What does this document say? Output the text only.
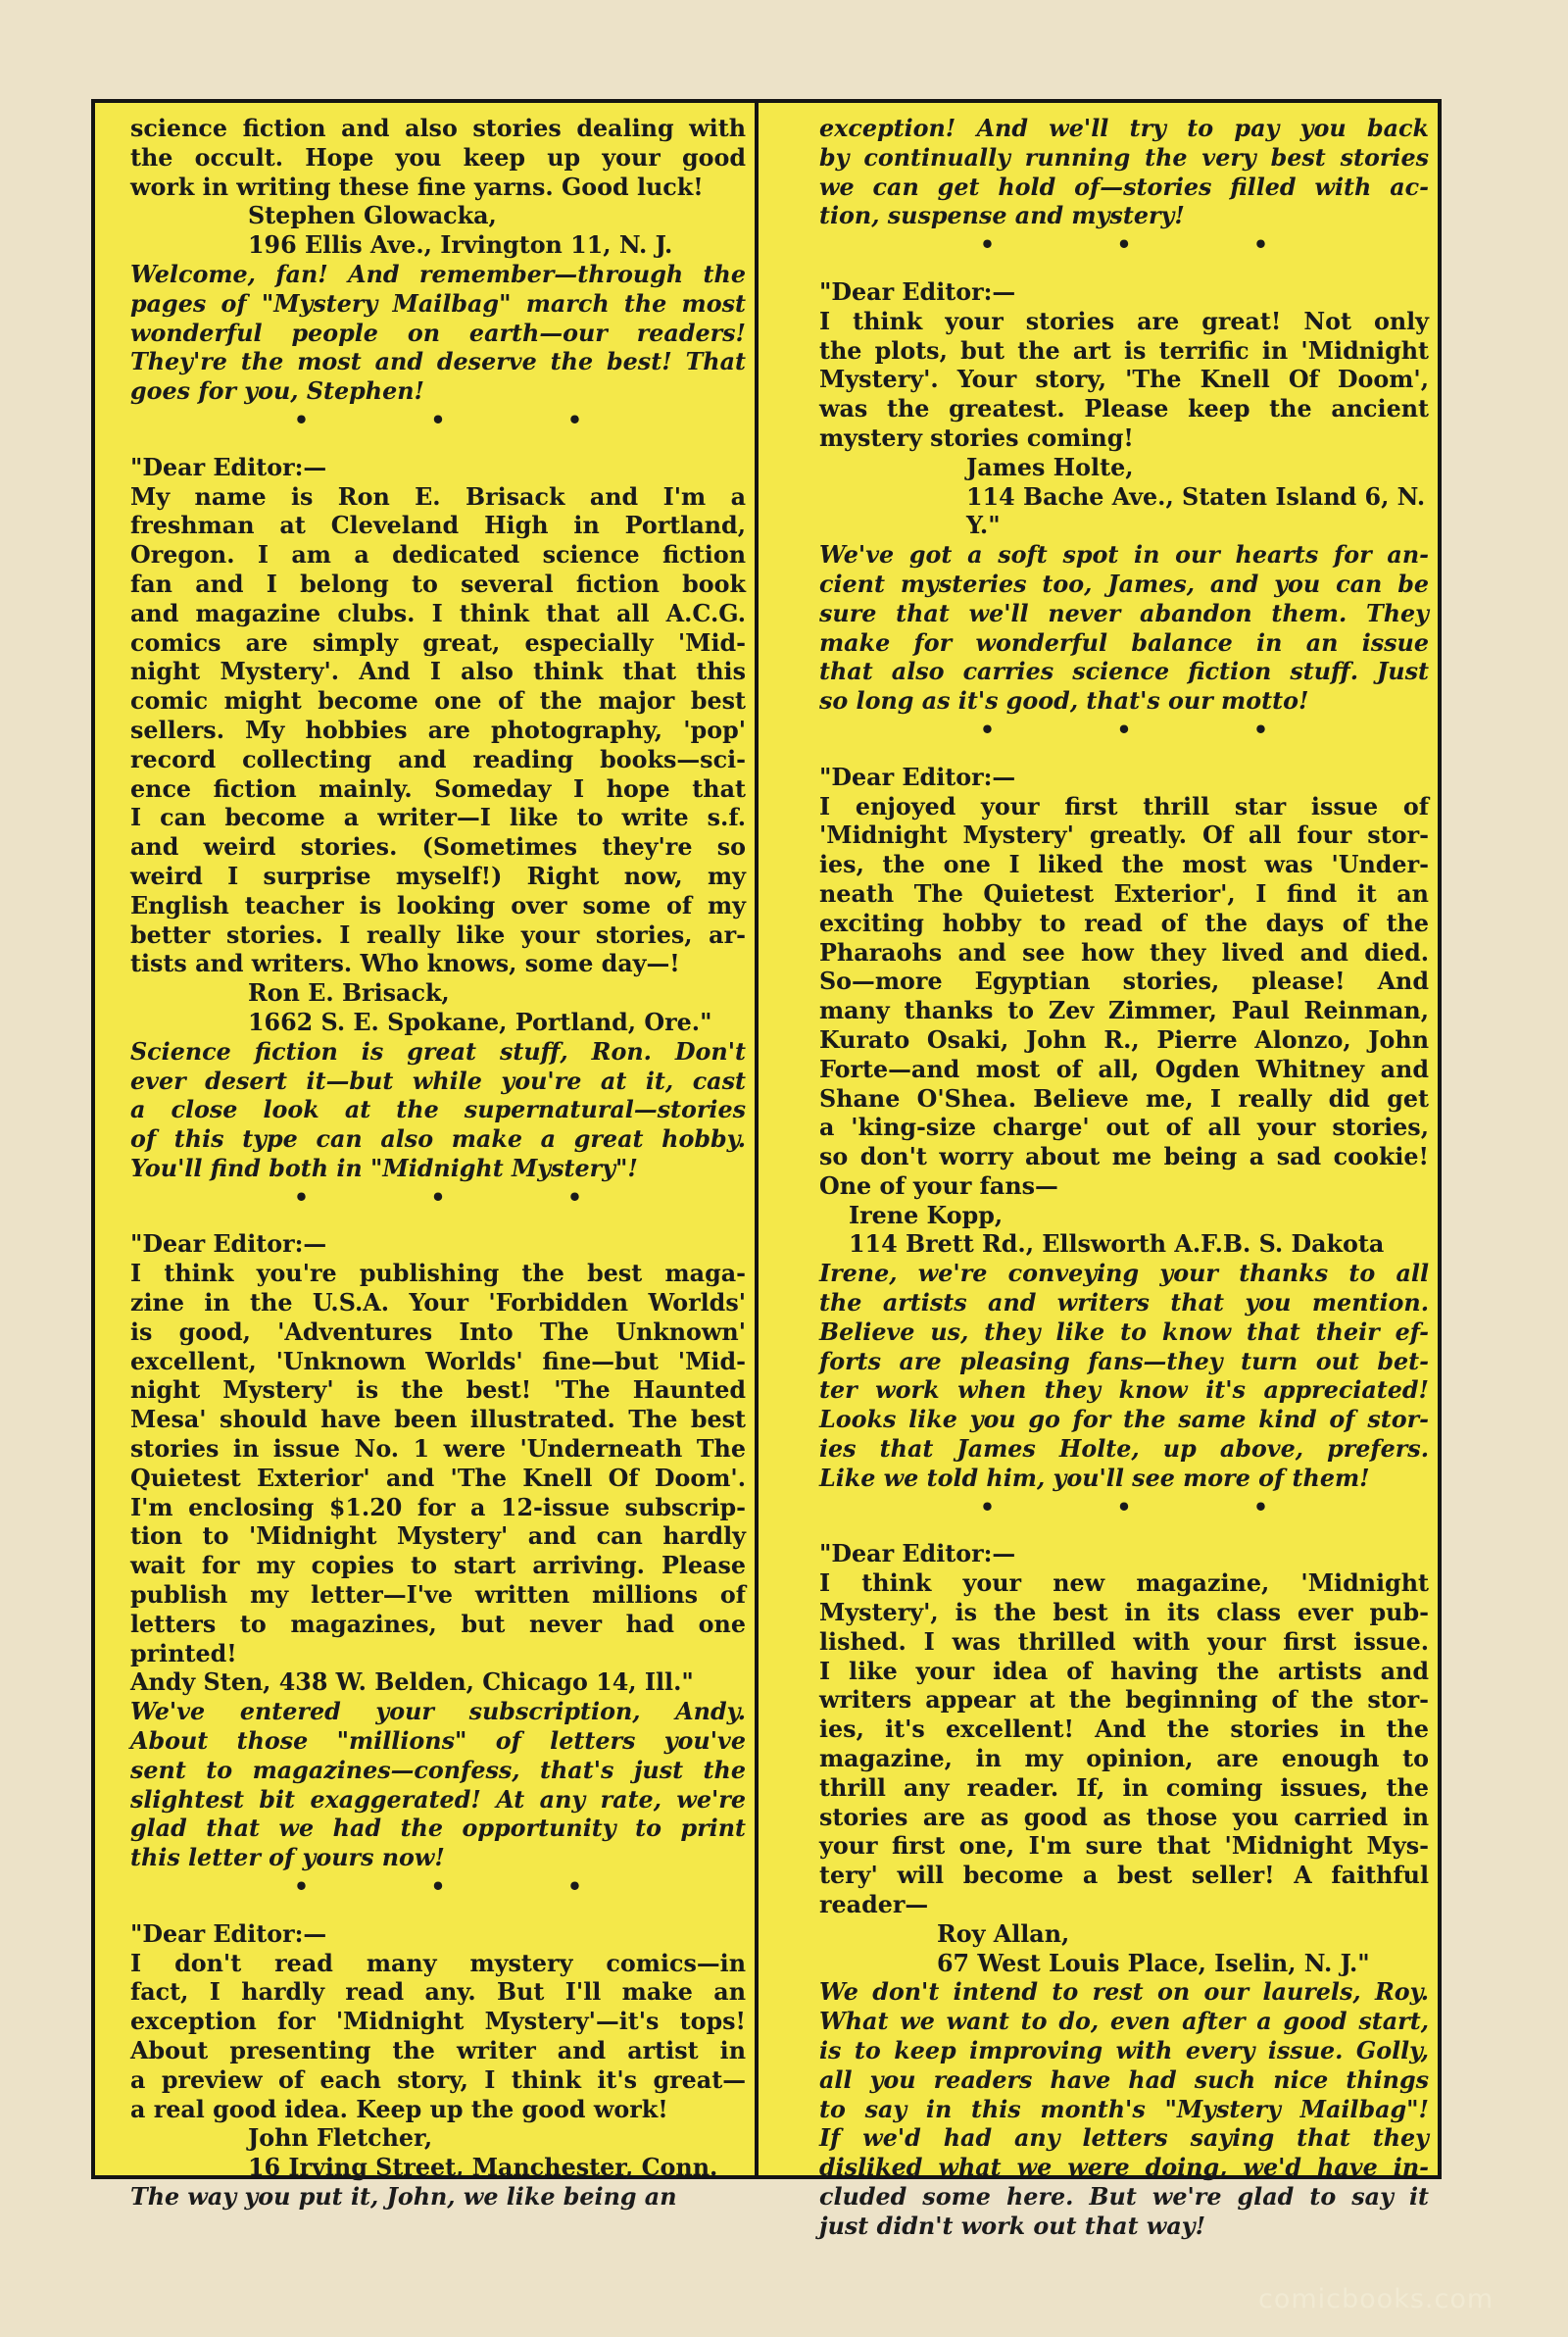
science fiction and also stories dealing with

the occult. Hope you keep up your good

work in writing these fine yarns. Good luck!

Stephen Glowacka,

196 Ellis Ave., Irvington 11, N. J.

Welcome, fan! And remember—through the

pages of "Mystery Mailbag" march the most

wonderful people on earth—our readers!

They're the most and deserve the best! That

goes for you, Stephen!

• • •

"Dear Editor:—

My name is Ron E. Brisack and I'm a

freshman at Cleveland High in Portland,

Oregon. I am a dedicated science fiction

fan and I belong to several fiction book

and magazine clubs. I think that all A.C.G.

comics are simply great, especially 'Mid-

night Mystery'. And I also think that this

comic might become one of the major best

sellers. My hobbies are photography, 'pop'

record collecting and reading books—sci-

ence fiction mainly. Someday I hope that

I can become a writer—I like to write s.f.

and weird stories. (Sometimes they're so

weird I surprise myself!) Right now, my

English teacher is looking over some of my

better stories. I really like your stories, ar-

tists and writers. Who knows, some day—!

Ron E. Brisack,

1662 S. E. Spokane, Portland, Ore."

Science fiction is great stuff, Ron. Don't

ever desert it—but while you're at it, cast

a close look at the supernatural—stories

of this type can also make a great hobby.

You'll find both in "Midnight Mystery"!

• • •

"Dear Editor:—

I think you're publishing the best maga-

zine in the U.S.A. Your 'Forbidden Worlds'

is good, 'Adventures Into The Unknown'

excellent, 'Unknown Worlds' fine—but 'Mid-

night Mystery' is the best! 'The Haunted

Mesa' should have been illustrated. The best

stories in issue No. 1 were 'Underneath The

Quietest Exterior' and 'The Knell Of Doom'.

I'm enclosing $1.20 for a 12-issue subscrip-

tion to 'Midnight Mystery' and can hardly

wait for my copies to start arriving. Please

publish my letter—I've written millions of

letters to magazines, but never had one

printed!

Andy Sten, 438 W. Belden, Chicago 14, Ill."

We've entered your subscription, Andy.

About those "millions" of letters you've

sent to magazines—confess, that's just the

slightest bit exaggerated! At any rate, we're

glad that we had the opportunity to print

this letter of yours now!

• • •

"Dear Editor:—

I don't read many mystery comics—in

fact, I hardly read any. But I'll make an

exception for 'Midnight Mystery'—it's tops!

About presenting the writer and artist in

a preview of each story, I think it's great—

a real good idea. Keep up the good work!

John Fletcher,

16 Irving Street, Manchester, Conn.

The way you put it, John, we like being an

exception! And we'll try to pay you back

by continually running the very best stories

we can get hold of—stories filled with ac-

tion, suspense and mystery!

• • •

"Dear Editor:—

I think your stories are great! Not only

the plots, but the art is terrific in 'Midnight

Mystery'. Your story, 'The Knell Of Doom',

was the greatest. Please keep the ancient

mystery stories coming!

James Holte,

114 Bache Ave., Staten Island 6, N. Y."

We've got a soft spot in our hearts for an-

cient mysteries too, James, and you can be

sure that we'll never abandon them. They

make for wonderful balance in an issue

that also carries science fiction stuff. Just

so long as it's good, that's our motto!

• • •

"Dear Editor:—

I enjoyed your first thrill star issue of

'Midnight Mystery' greatly. Of all four stor-

ies, the one I liked the most was 'Under-

neath The Quietest Exterior', I find it an

exciting hobby to read of the days of the

Pharaohs and see how they lived and died.

So—more Egyptian stories, please! And

many thanks to Zev Zimmer, Paul Reinman,

Kurato Osaki, John R., Pierre Alonzo, John

Forte—and most of all, Ogden Whitney and

Shane O'Shea. Believe me, I really did get

a 'king-size charge' out of all your stories,

so don't worry about me being a sad cookie!

One of your fans—

Irene Kopp,

114 Brett Rd., Ellsworth A.F.B. S. Dakota

Irene, we're conveying your thanks to all

the artists and writers that you mention.

Believe us, they like to know that their ef-

forts are pleasing fans—they turn out bet-

ter work when they know it's appreciated!

Looks like you go for the same kind of stor-

ies that James Holte, up above, prefers.

Like we told him, you'll see more of them!

• • •

"Dear Editor:—

I think your new magazine, 'Midnight

Mystery', is the best in its class ever pub-

lished. I was thrilled with your first issue.

I like your idea of having the artists and

writers appear at the beginning of the stor-

ies, it's excellent! And the stories in the

magazine, in my opinion, are enough to

thrill any reader. If, in coming issues, the

stories are as good as those you carried in

your first one, I'm sure that 'Midnight Mys-

tery' will become a best seller! A faithful

reader—

Roy Allan,

67 West Louis Place, Iselin, N. J."

We don't intend to rest on our laurels, Roy.

What we want to do, even after a good start,

is to keep improving with every issue. Golly,

all you readers have had such nice things

to say in this month's "Mystery Mailbag"!

If we'd had any letters saying that they

disliked what we were doing, we'd have in-

cluded some here. But we're glad to say it

just didn't work out that way!

comicbooks.com
